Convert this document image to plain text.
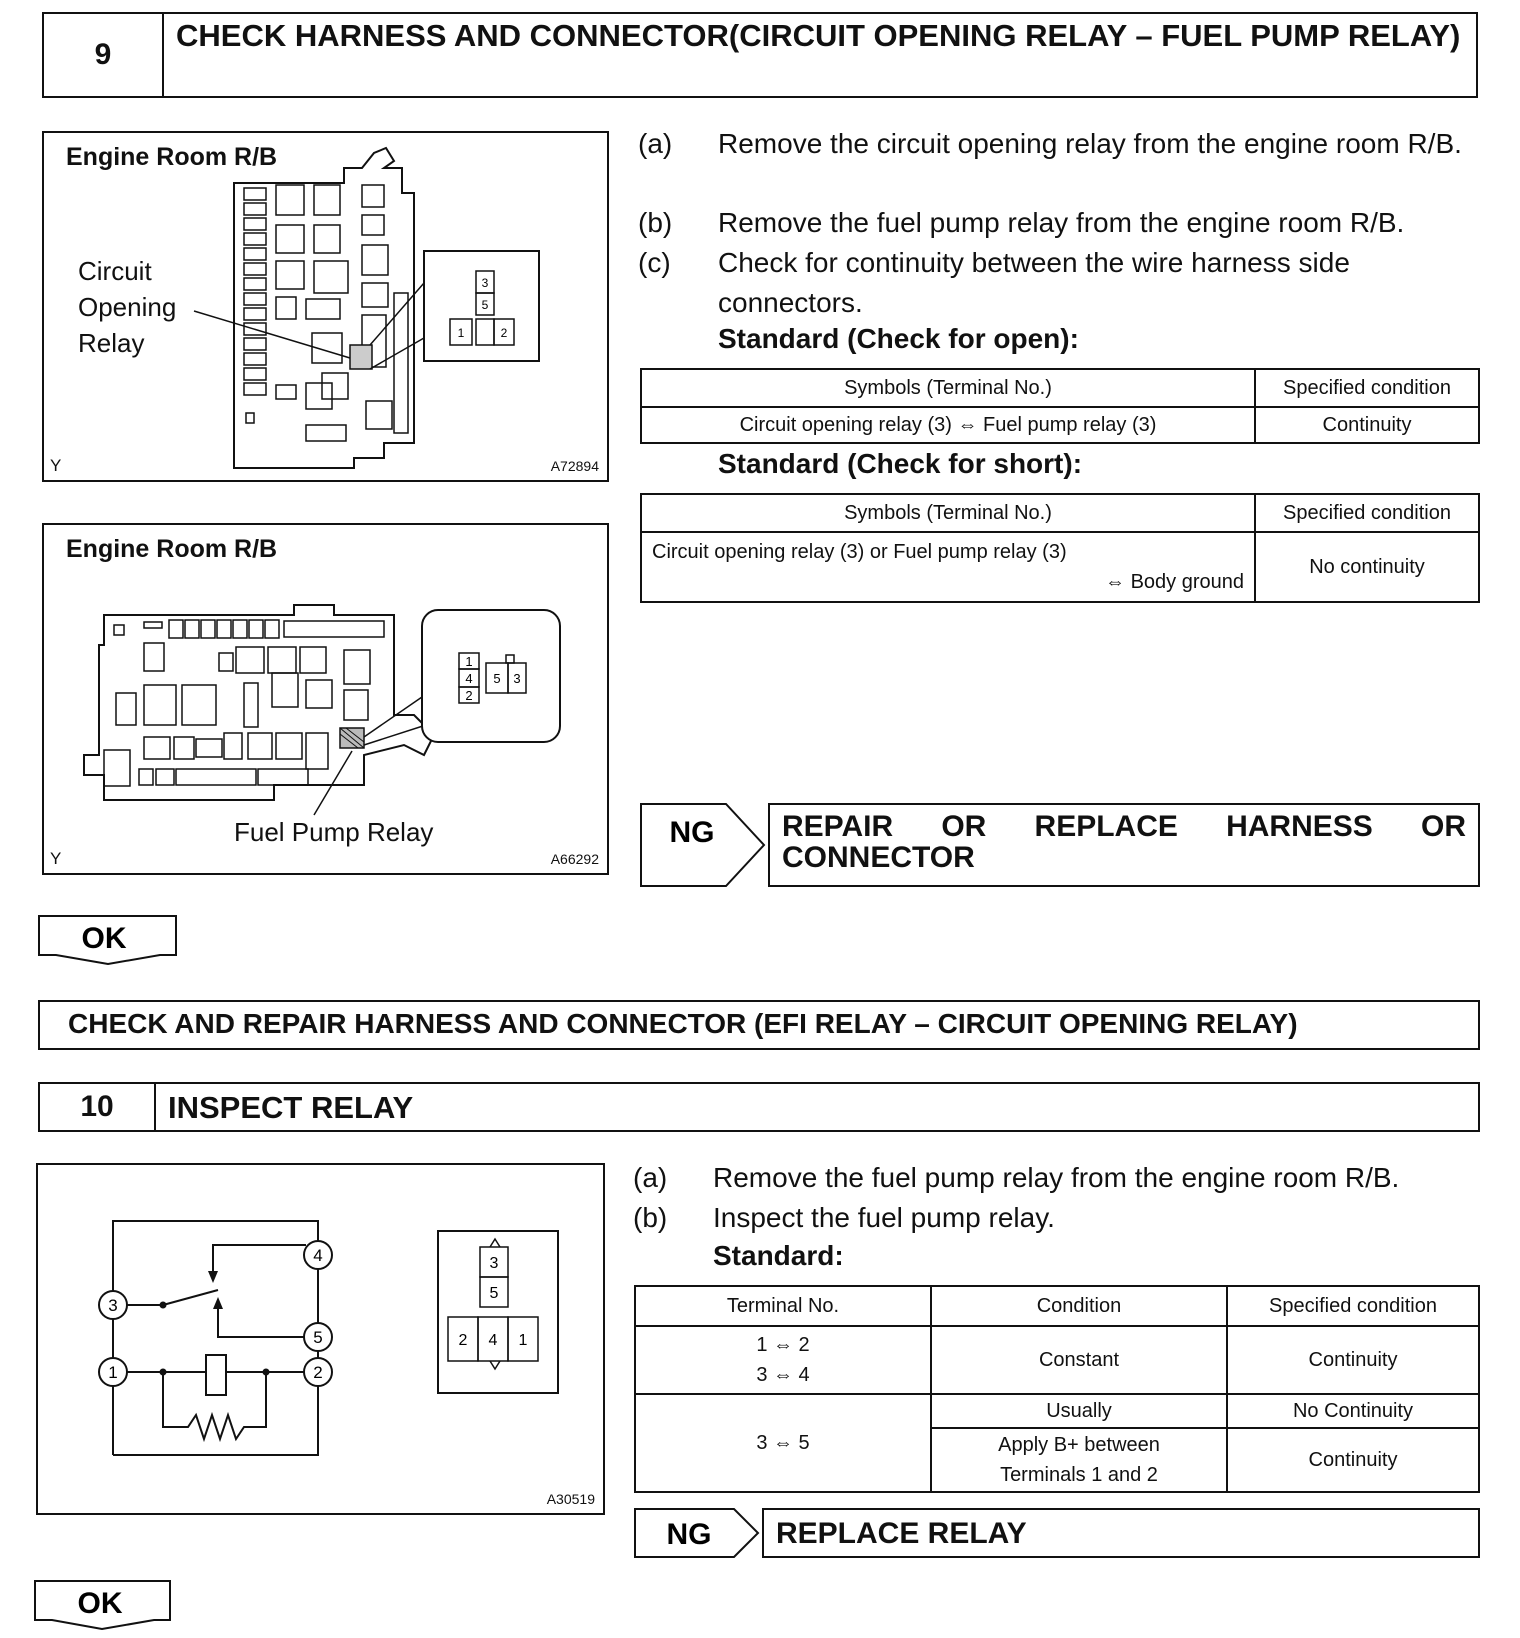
9
CHECK HARNESS AND CONNECTOR(CIRCUIT OPENING RELAY – FUEL PUMP RELAY)
Engine Room R/B
3
5
1	2
Circuit
Opening
Relay
Y	A72894
Engine Room R/B
1
4
2
5 3
Fuel Pump Relay
Y	A66292
(a)	Remove the circuit opening relay from the engine room R/B.
(b)	Remove the fuel pump relay from the engine room R/B.
(c)	Check for continuity between the wire harness side connectors.
Standard (Check for open):
Symbols (Terminal No.)	Specified condition
Circuit opening relay (3) ⇔ Fuel pump relay (3)	Continuity
Standard (Check for short):
Symbols (Terminal No.)	Specified condition

Circuit opening relay (3) or Fuel pump relay (3)
⇔ Body ground	No continuity
NG REPAIR OR REPLACE HARNESS OR CONNECTOR
OK
CHECK AND REPAIR HARNESS AND CONNECTOR (EFI RELAY – CIRCUIT OPENING RELAY)
10	INSPECT RELAY
4
3
5
1	2
3
5
2 4 1
A30519
(a)	Remove the fuel pump relay from the engine room R/B.
(b)	Inspect the fuel pump relay.
Standard:
Terminal No.	Condition	Specified condition

1 ⇔ 2
3 ⇔ 4	Constant	Continuity
3 ⇔ 5	Usually	No Continuity

	Apply B+ between
Terminals 1 and 2	Continuity
NG	REPLACE RELAY
OK
